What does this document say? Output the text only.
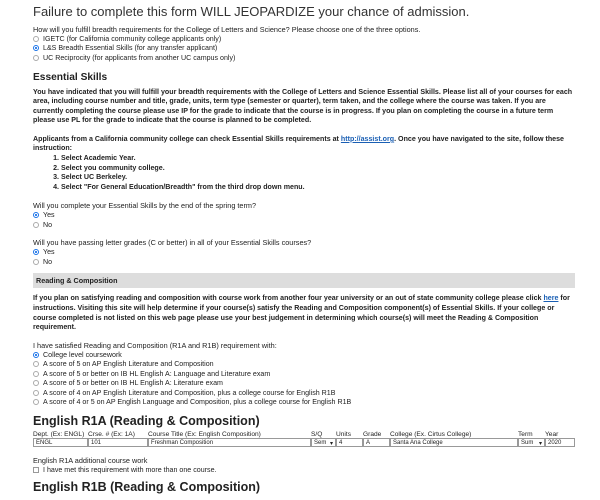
Failure to complete this form WILL JEOPARDIZE your chance of admission.
How will you fulfill breadth requirements for the College of Letters and Science? Please choose one of the three options.
IGETC (for California community college applicants only)
L&S Breadth Essential Skills (for any transfer applicant)
UC Reciprocity (for applicants from another UC campus only)
Essential Skills
You have indicated that you will fulfill your breadth requirements with the College of Letters and Science Essential Skills. Please list all of your courses for each area, including course number and title, grade, units, term type (semester or quarter), term taken, and the college where the course was taken. If you are currently completing the course please use IP for the grade to indicate that the course is in progress. If you plan on completing the course in a future term please use PL for the grade to indicate that the course is planned to be completed.
Applicants from a California community college can check Essential Skills requirements at http://assist.org. Once you have navigated to the site, follow these instruction:
1. Select Academic Year.
2. Select you community college.
3. Select UC Berkeley.
4. Select "For General Education/Breadth" from the third drop down menu.
Will you complete your Essential Skills by the end of the spring term?
Yes
No
Will you have passing letter grades (C or better) in all of your Essential Skills courses?
Yes
No
Reading & Composition
If you plan on satisfying reading and composition with course work from another four year university or an out of state community college please click here for instructions. Visiting this site will help determine if your course(s) satisfy the Reading and Composition component(s) of Essential Skills. If your college or course completed is not listed on this web page please use your best judgement in determining which course(s) will meet the Reading & Composition requirement.
I have satisfied Reading and Composition (R1A and R1B) requirement with:
College level coursework
A score of 5 on AP English Literature and Composition
A score of 5 or better on IB HL English A: Language and Literature exam
A score of 5 or better on IB HL English A: Literature exam
A score of 4 on AP English Literature and Composition, plus a college course for English R1B
A score of 4 or 5 on AP English Language and Composition, plus a college course for English R1B
English R1A (Reading & Composition)
Dept. (Ex: ENGL) Crse. # (Ex: 1A)	Course Title (Ex: English Composition)	S/Q	Units	Grade	College (Ex. Cirtus College)	Term	Year
ENGL	101	Freshman Composition	Sem ▾	4	A	Santa Ana College	Sum ▾	2020
English R1A additional course work
I have met this requirement with more than one course.
English R1B (Reading & Composition)
